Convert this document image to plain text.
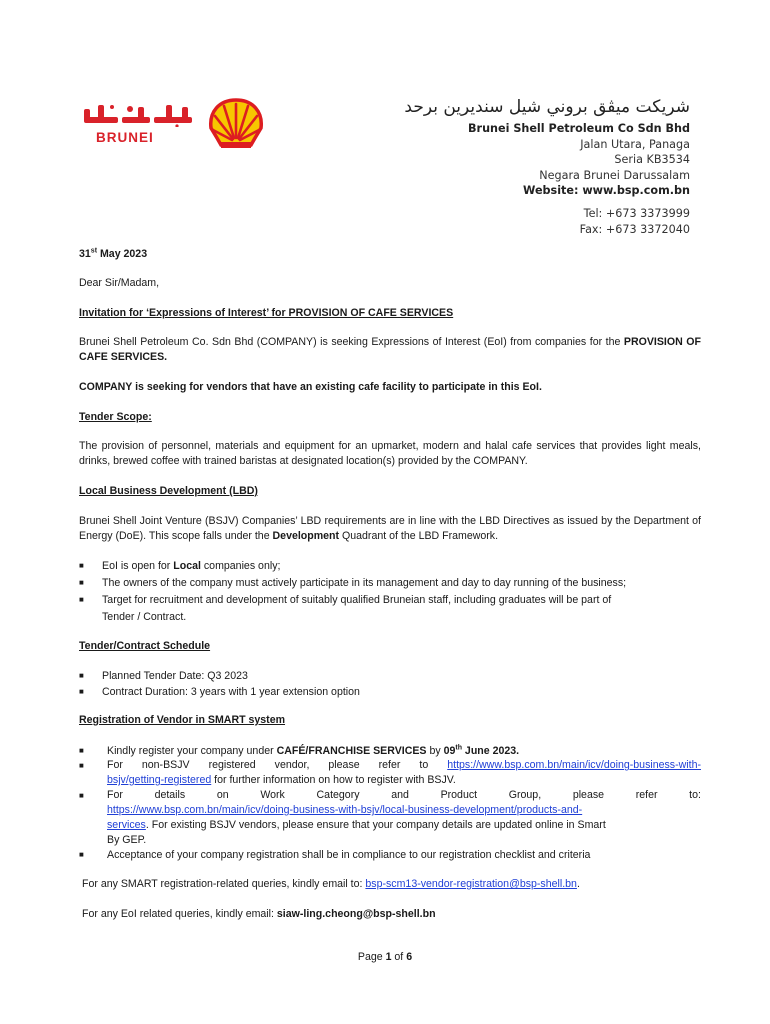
BRUNEI
شريكت ميڤق بروني شيل سنديرين برحد
Brunei Shell Petroleum Co Sdn Bhd
Jalan Utara, Panaga
Seria KB3534
Negara Brunei Darussalam
Website: www.bsp.com.bn
Tel: +673 3373999
Fax: +673 3372040
31st May 2023
Dear Sir/Madam,
Invitation for ‘Expressions of Interest’ for PROVISION OF CAFE SERVICES
Brunei Shell Petroleum Co. Sdn Bhd (COMPANY) is seeking Expressions of Interest (EoI) from companies for the PROVISION OF CAFE SERVICES.
COMPANY is seeking for vendors that have an existing cafe facility to participate in this EoI.
Tender Scope:
The provision of personnel, materials and equipment for an upmarket, modern and halal cafe services that provides light meals, drinks, brewed coffee with trained baristas at designated location(s) provided by the COMPANY.
Local Business Development (LBD)
Brunei Shell Joint Venture (BSJV) Companies’ LBD requirements are in line with the LBD Directives as issued by the Department of Energy (DoE). This scope falls under the Development Quadrant of the LBD Framework.
■	EoI is open for Local companies only;
■	The owners of the company must actively participate in its management and day to day running of the business;
■	Target for recruitment and development of suitably qualified Bruneian staff, including graduates will be part of
Tender / Contract.
Tender/Contract Schedule
■	Planned Tender Date: Q3 2023
■	Contract Duration: 3 years with 1 year extension option
Registration of Vendor in SMART system
■	Kindly register your company under CAFÉ/FRANCHISE SERVICES by 09th June 2023.
■	For non-BSJV registered vendor, please refer to https://www.bsp.com.bn/main/icv/doing-business-with-
bsjv/getting-registered for further information on how to register with BSJV.
■	For	details	on	Work	Category	and	Product	Group,	please	refer	to:
https://www.bsp.com.bn/main/icv/doing-business-with-bsjv/local-business-development/products-and-
services. For existing BSJV vendors, please ensure that your company details are updated online in Smart
By GEP.
■	Acceptance of your company registration shall be in compliance to our registration checklist and criteria
For any SMART registration-related queries, kindly email to: bsp-scm13-vendor-registration@bsp-shell.bn.
For any EoI related queries, kindly email: siaw-ling.cheong@bsp-shell.bn
Page 1 of 6
